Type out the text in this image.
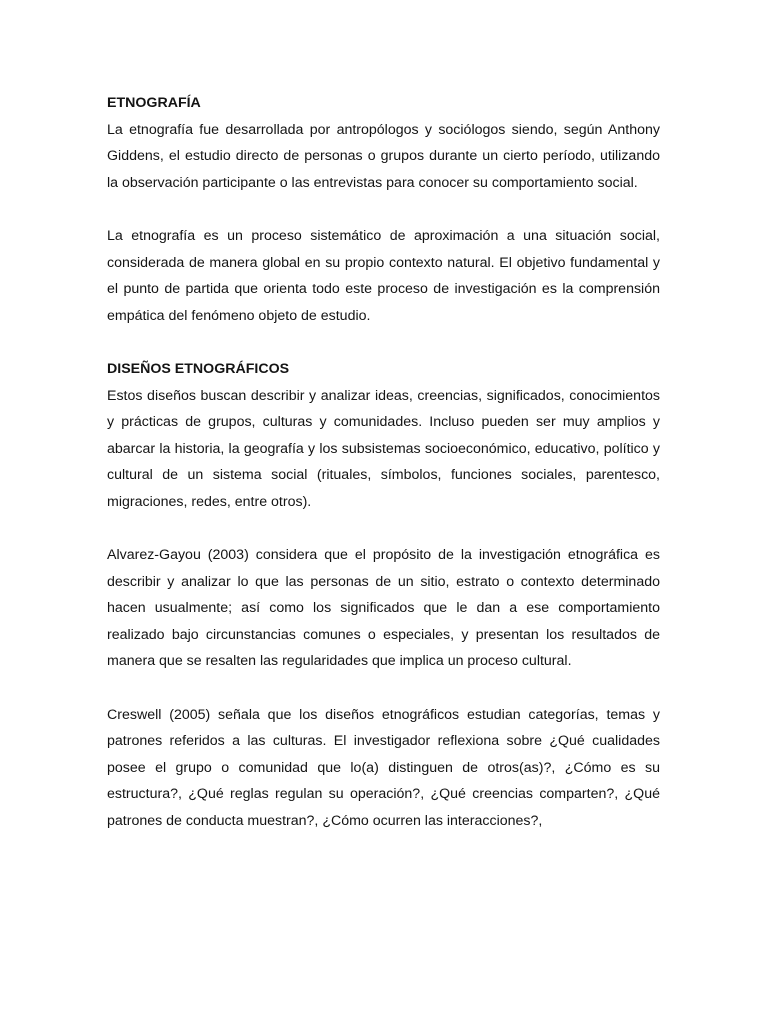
ETNOGRAFÍA

La etnografía fue desarrollada por antropólogos y sociólogos siendo, según Anthony Giddens, el estudio directo de personas o grupos durante un cierto período, utilizando la observación participante o las entrevistas para conocer su comportamiento social.

La etnografía es un proceso sistemático de aproximación a una situación social, considerada de manera global en su propio contexto natural. El objetivo fundamental y el punto de partida que orienta todo este proceso de investigación es la comprensión empática del fenómeno objeto de estudio.

DISEÑOS ETNOGRÁFICOS

Estos diseños buscan describir y analizar ideas, creencias, significados, conocimientos y prácticas de grupos, culturas y comunidades. Incluso pueden ser muy amplios y abarcar la historia, la geografía y los subsistemas socioeconómico, educativo, político y cultural de un sistema social (rituales, símbolos, funciones sociales, parentesco, migraciones, redes, entre otros).

Alvarez-Gayou (2003) considera que el propósito de la investigación etnográfica es describir y analizar lo que las personas de un sitio, estrato o contexto determinado hacen usualmente; así como los significados que le dan a ese comportamiento realizado bajo circunstancias comunes o especiales, y presentan los resultados de manera que se resalten las regularidades que implica un proceso cultural.

Creswell (2005) señala que los diseños etnográficos estudian categorías, temas y patrones referidos a las culturas. El investigador reflexiona sobre ¿Qué cualidades posee el grupo o comunidad que lo(a) distinguen de otros(as)?, ¿Cómo es su estructura?, ¿Qué reglas regulan su operación?, ¿Qué creencias comparten?, ¿Qué patrones de conducta muestran?, ¿Cómo ocurren las interacciones?,
